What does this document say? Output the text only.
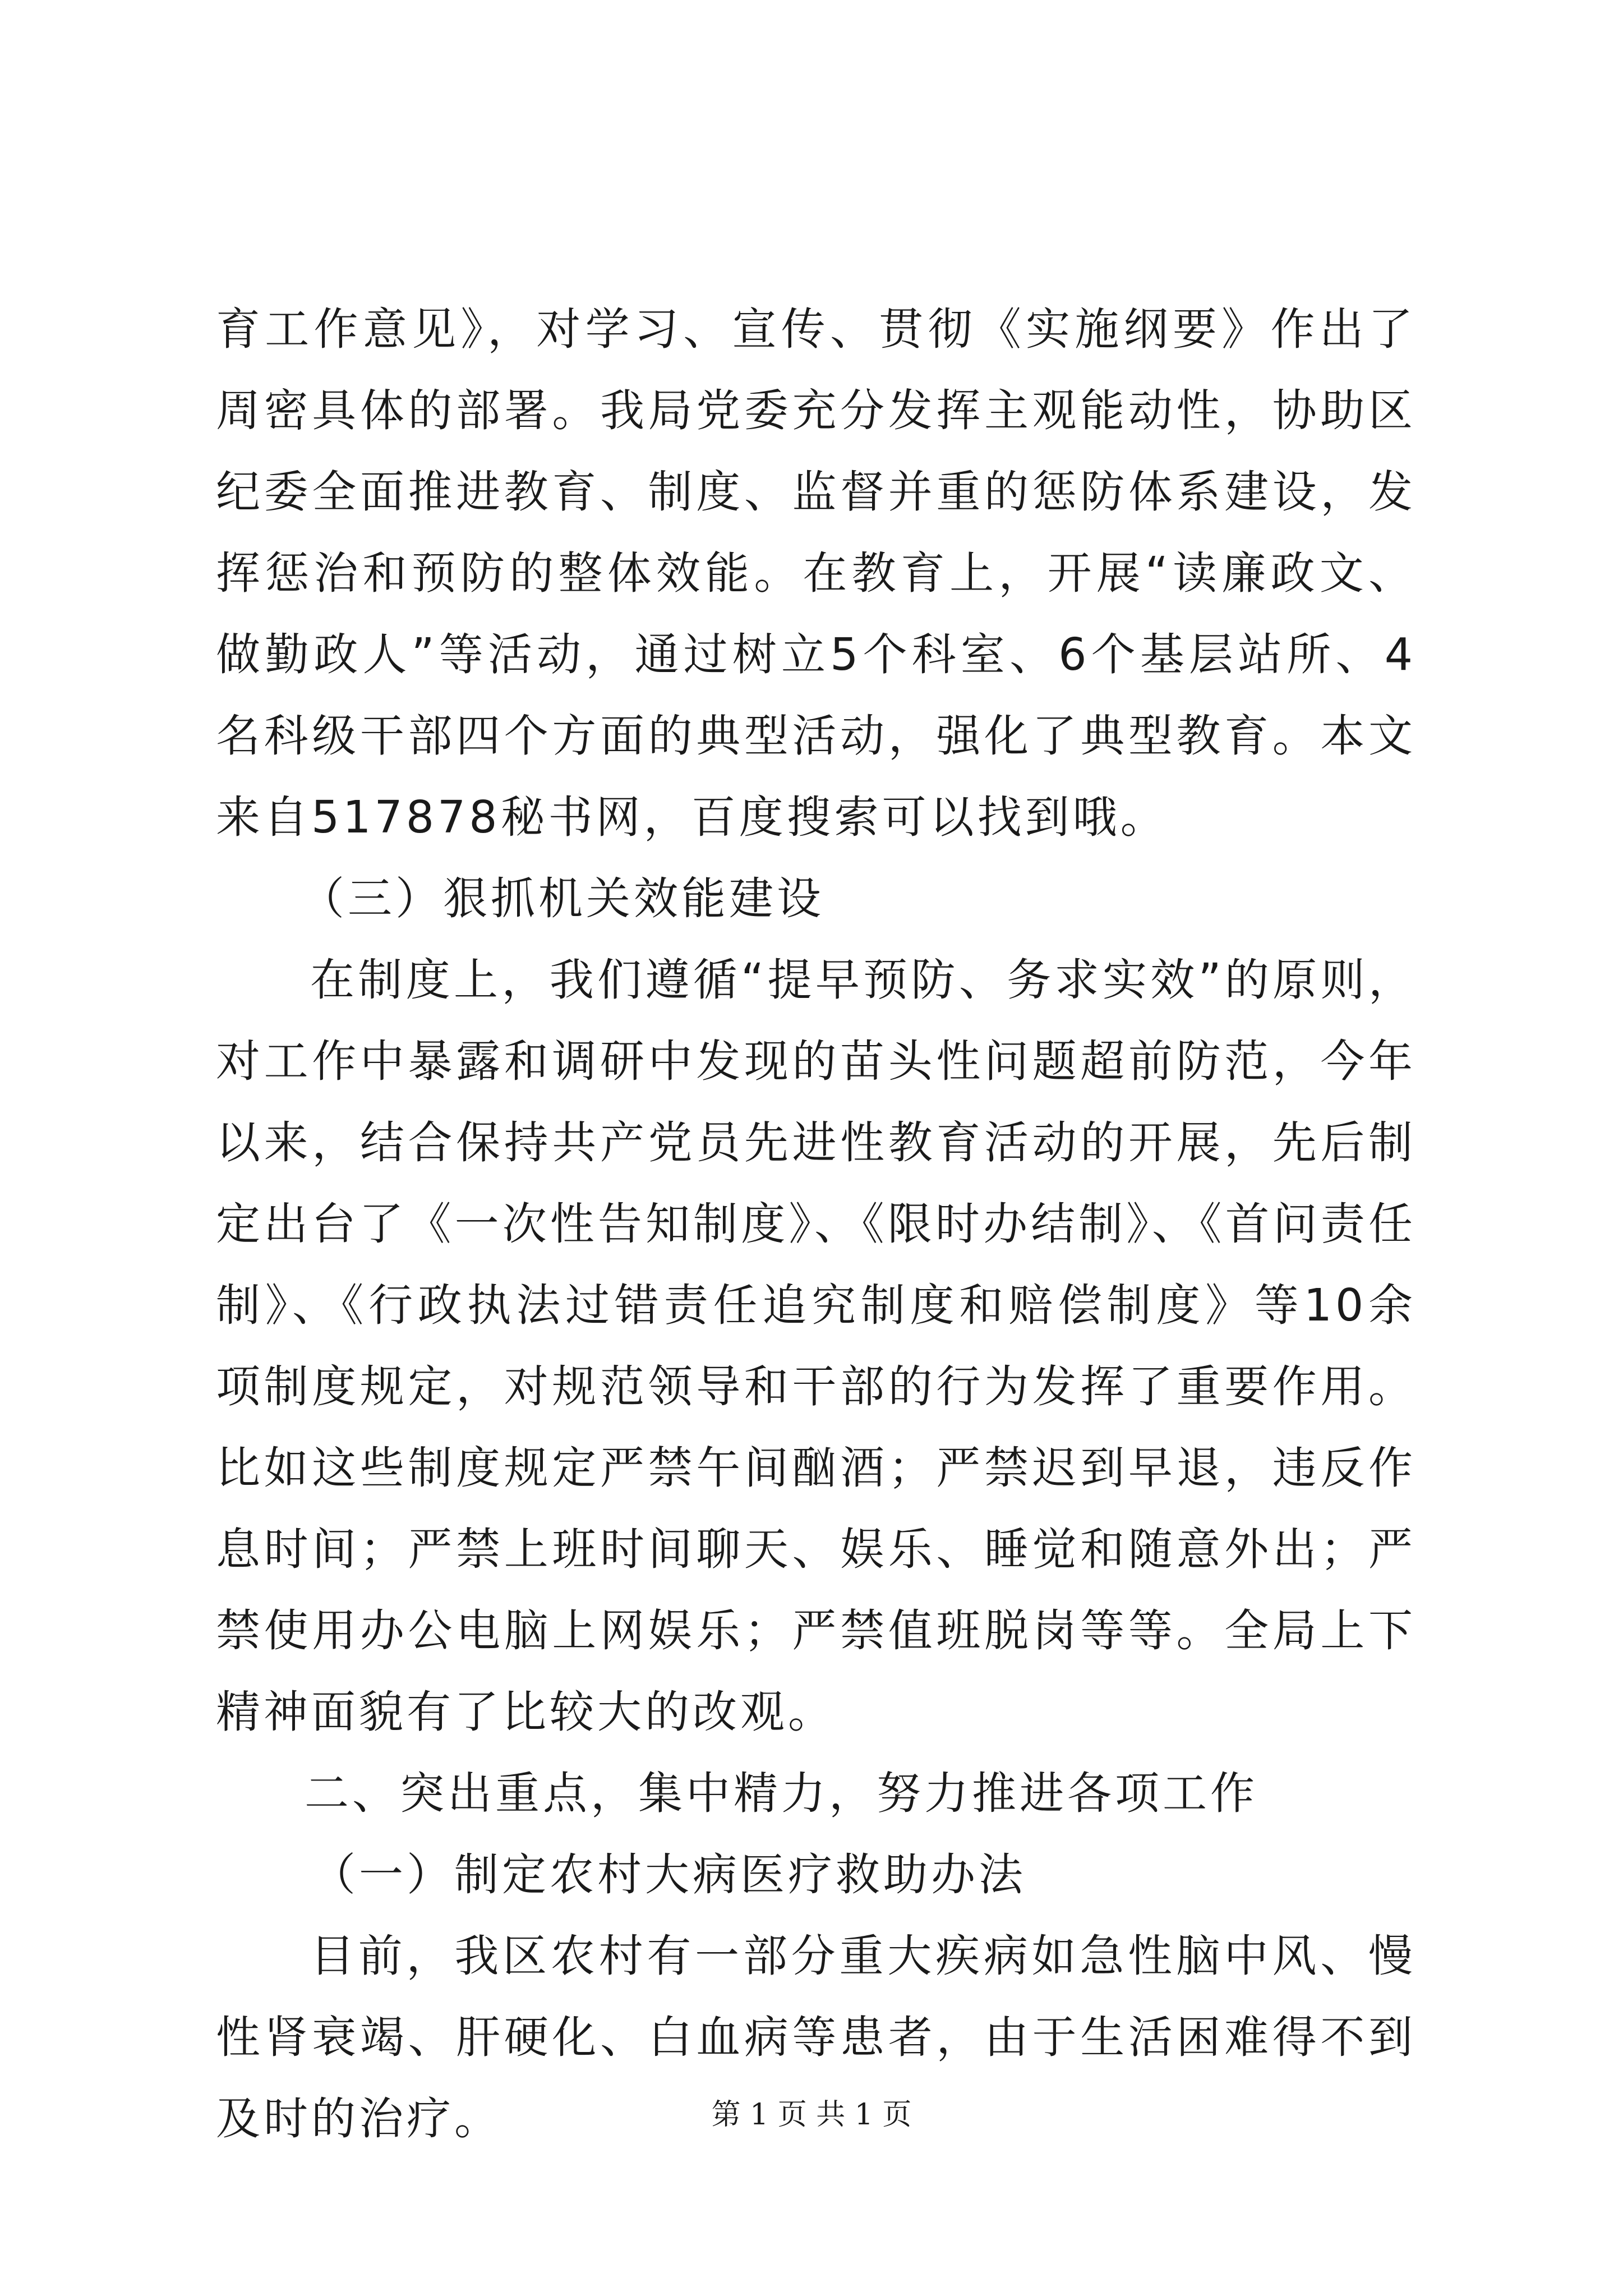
育工作意见》，对学习、宣传、贯彻《实施纲要》作出了周密具体的部署。我局党委充分发挥主观能动性，协助区纪委全面推进教育、制度、监督并重的惩防体系建设，发挥惩治和预防的整体效能。在教育上，开展“读廉政文、做勤政人”等活动，通过树立5个科室、6个基层站所、4名科级干部四个方面的典型活动，强化了典型教育。本文来自517878秘书网，百度搜索可以找到哦。

（三）狠抓机关效能建设

在制度上，我们遵循“提早预防、务求实效”的原则，对工作中暴露和调研中发现的苗头性问题超前防范，今年以来，结合保持共产党员先进性教育活动的开展，先后制定出台了《一次性告知制度》、《限时办结制》、《首问责任制》、《行政执法过错责任追究制度和赔偿制度》等10余项制度规定，对规范领导和干部的行为发挥了重要作用。比如这些制度规定严禁午间酗酒；严禁迟到早退，违反作息时间；严禁上班时间聊天、娱乐、睡觉和随意外出；严禁使用办公电脑上网娱乐；严禁值班脱岗等等。全局上下精神面貌有了比较大的改观。

二、突出重点，集中精力，努力推进各项工作

（一）制定农村大病医疗救助办法

目前，我区农村有一部分重大疾病如急性脑中风、慢性肾衰竭、肝硬化、白血病等患者，由于生活困难得不到及时的治疗。	第 1 页 共 1 页
